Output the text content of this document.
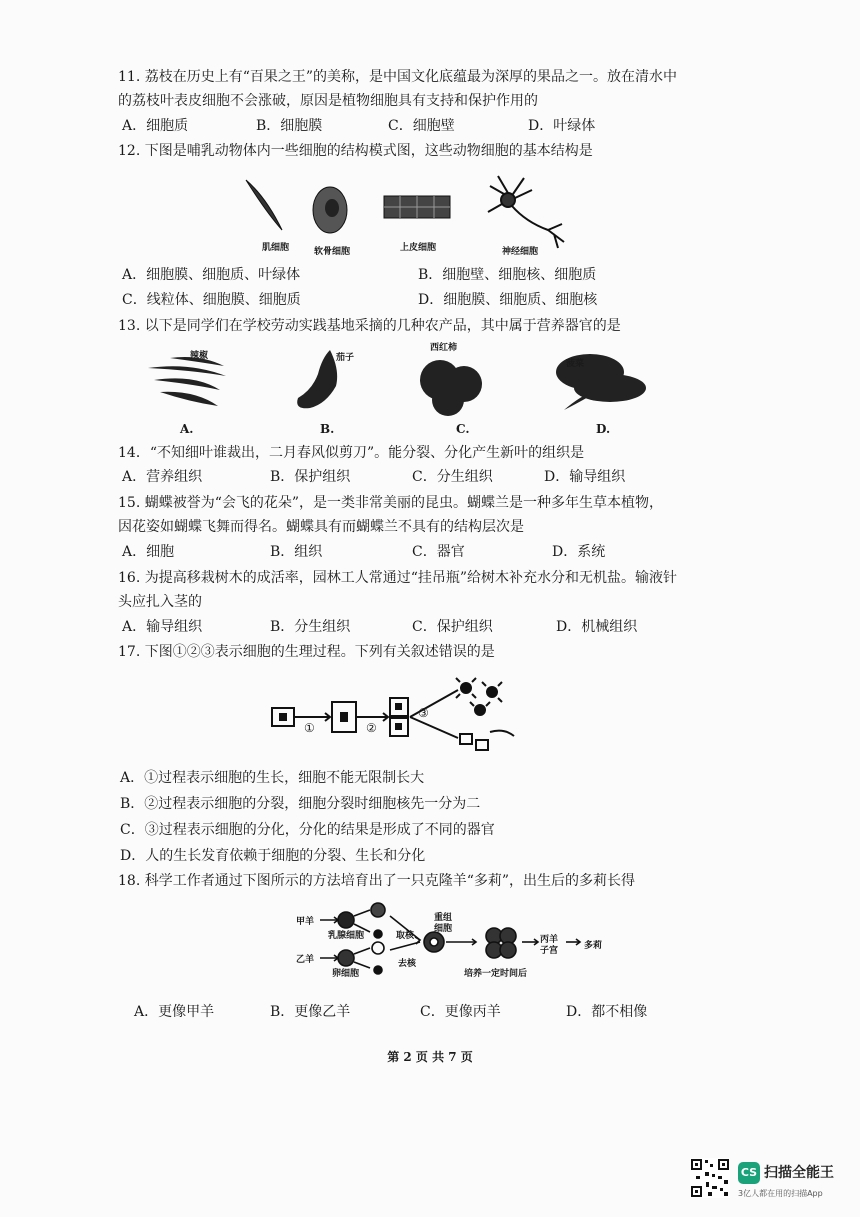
11. 荔枝在历史上有“百果之王”的美称，是中国文化底蕴最为深厚的果品之一。放在清水中
的荔枝叶表皮细胞不会涨破，原因是植物细胞具有支持和保护作用的
A．细胞质	B．细胞膜	C．细胞壁	D．叶绿体
12. 下图是哺乳动物体内一些细胞的结构模式图，这些动物细胞的基本结构是
肌细胞	软骨细胞	上皮细胞	神经细胞
A．细胞膜、细胞质、叶绿体	B．细胞壁、细胞核、细胞质
C．线粒体、细胞膜、细胞质	D．细胞膜、细胞质、细胞核
13. 以下是同学们在学校劳动实践基地采摘的几种农产品，其中属于营养器官的是
辣椒	茄子
西红柿
菠菜
A.	B.	C.	D.
14．“不知细叶谁裁出，二月春风似剪刀”。能分裂、分化产生新叶的组织是
A．营养组织	B．保护组织	C．分生组织	D．输导组织
15. 蝴蝶被誉为“会飞的花朵”，是一类非常美丽的昆虫。蝴蝶兰是一种多年生草本植物，
因花姿如蝴蝶飞舞而得名。蝴蝶具有而蝴蝶兰不具有的结构层次是
A．细胞	B．组织	C．器官	D．系统
16. 为提高移栽树木的成活率，园林工人常通过“挂吊瓶”给树木补充水分和无机盐。输液针
头应扎入茎的
A．输导组织	B．分生组织	C．保护组织	D．机械组织
17. 下图①②③表示细胞的生理过程。下列有关叙述错误的是
①	②
③
A．①过程表示细胞的生长，细胞不能无限制长大
B．②过程表示细胞的分裂，细胞分裂时细胞核先一分为二
C．③过程表示细胞的分化，分化的结果是形成了不同的器官
D．人的生长发育依赖于细胞的分裂、生长和分化
18. 科学工作者通过下图所示的方法培育出了一只克隆羊“多莉”，出生后的多莉长得
甲羊
乙羊
乳腺细胞
卵细胞
取核
去核
重组
细胞
培养一定时间后
丙羊
子宫	多莉
A．更像甲羊	B．更像乙羊	C．更像丙羊	D．都不相像
第 2 页 共 7 页
CS 扫描全能王
3亿人都在用的扫描App
